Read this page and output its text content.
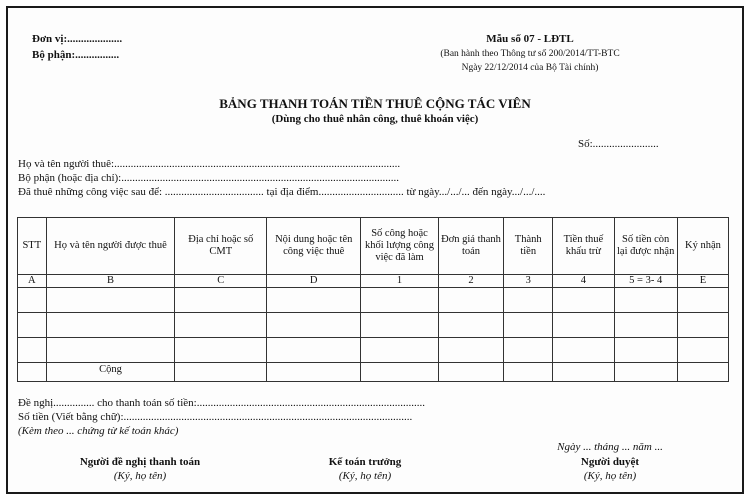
Đơn vị:....................
Bộ phận:................
Mẫu số 07 - LĐTL
(Ban hành theo Thông tư số 200/2014/TT-BTC
Ngày 22/12/2014 của Bộ Tài chính)
BẢNG THANH TOÁN TIỀN THUÊ CỘNG TÁC VIÊN
(Dùng cho thuê nhân công, thuê khoán việc)
Số:........................
Họ và tên người thuê:........................................................................................................
Bộ phận (hoặc địa chỉ):.....................................................................................................
Đã thuê những công việc sau để: .................................... tại địa điểm............................... từ ngày.../.../... đến ngày.../.../....
STT	Họ và tên người được thuê	Địa chỉ hoặc số CMT	Nội dung hoặc tên công việc thuê	Số công hoặc khối lượng công việc đã làm	Đơn giá thanh toán	Thành tiền	Tiền thuế khấu trừ	Số tiền còn lại được nhận	Ký nhận
A	B	C	D	1	2	3	4	5 = 3- 4	E

	Cộng								
Đề nghị............... cho thanh toán số tiền:...................................................................................
Số tiền (Viết bằng chữ):.........................................................................................................
(Kèm theo ... chứng từ kế toán khác)
Ngày ... tháng ... năm ...
Người đề nghị thanh toán
(Ký, họ tên)
Kế toán trưởng
(Ký, họ tên)
Người duyệt
(Ký, họ tên)
